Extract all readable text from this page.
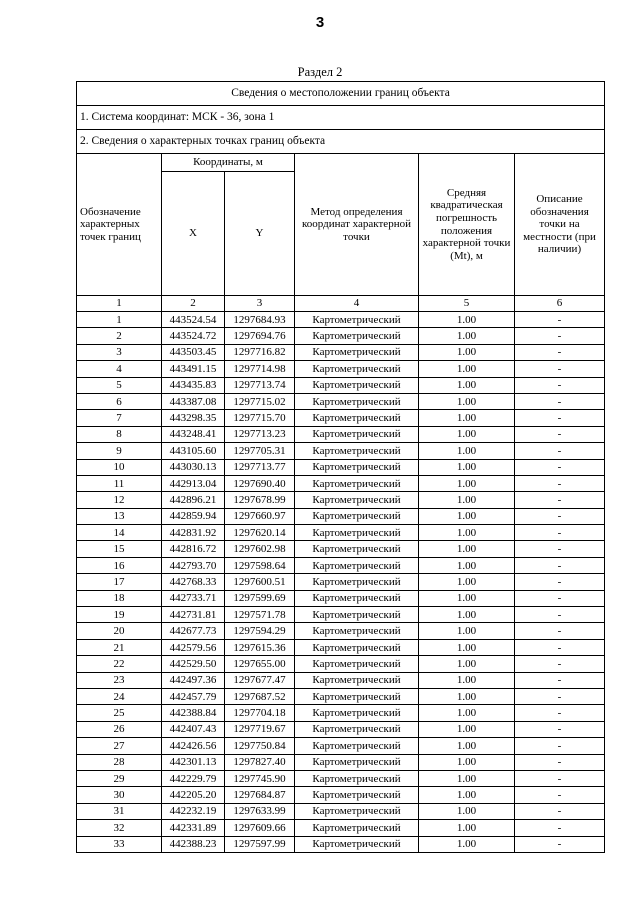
3
Раздел 2
Сведения о местоположении границ объекта					
1. Система координат: МСК - 36, зона 1					
2. Сведения о характерных точках границ объекта					
Обозначение характерных точек границ	Координаты, м		Метод определения координат характерной точки	Средняя квадратическая погрешность положения характерной точки (Mt), м	Описание обозначения точки на местности (при наличии)
	X	Y			
1	2	3	4	5	6
1	443524.54	1297684.93	Картометрический	1.00	-
2	443524.72	1297694.76	Картометрический	1.00	-
3	443503.45	1297716.82	Картометрический	1.00	-
4	443491.15	1297714.98	Картометрический	1.00	-
5	443435.83	1297713.74	Картометрический	1.00	-
6	443387.08	1297715.02	Картометрический	1.00	-
7	443298.35	1297715.70	Картометрический	1.00	-
8	443248.41	1297713.23	Картометрический	1.00	-
9	443105.60	1297705.31	Картометрический	1.00	-
10	443030.13	1297713.77	Картометрический	1.00	-
11	442913.04	1297690.40	Картометрический	1.00	-
12	442896.21	1297678.99	Картометрический	1.00	-
13	442859.94	1297660.97	Картометрический	1.00	-
14	442831.92	1297620.14	Картометрический	1.00	-
15	442816.72	1297602.98	Картометрический	1.00	-
16	442793.70	1297598.64	Картометрический	1.00	-
17	442768.33	1297600.51	Картометрический	1.00	-
18	442733.71	1297599.69	Картометрический	1.00	-
19	442731.81	1297571.78	Картометрический	1.00	-
20	442677.73	1297594.29	Картометрический	1.00	-
21	442579.56	1297615.36	Картометрический	1.00	-
22	442529.50	1297655.00	Картометрический	1.00	-
23	442497.36	1297677.47	Картометрический	1.00	-
24	442457.79	1297687.52	Картометрический	1.00	-
25	442388.84	1297704.18	Картометрический	1.00	-
26	442407.43	1297719.67	Картометрический	1.00	-
27	442426.56	1297750.84	Картометрический	1.00	-
28	442301.13	1297827.40	Картометрический	1.00	-
29	442229.79	1297745.90	Картометрический	1.00	-
30	442205.20	1297684.87	Картометрический	1.00	-
31	442232.19	1297633.99	Картометрический	1.00	-
32	442331.89	1297609.66	Картометрический	1.00	-
33	442388.23	1297597.99	Картометрический	1.00	-
